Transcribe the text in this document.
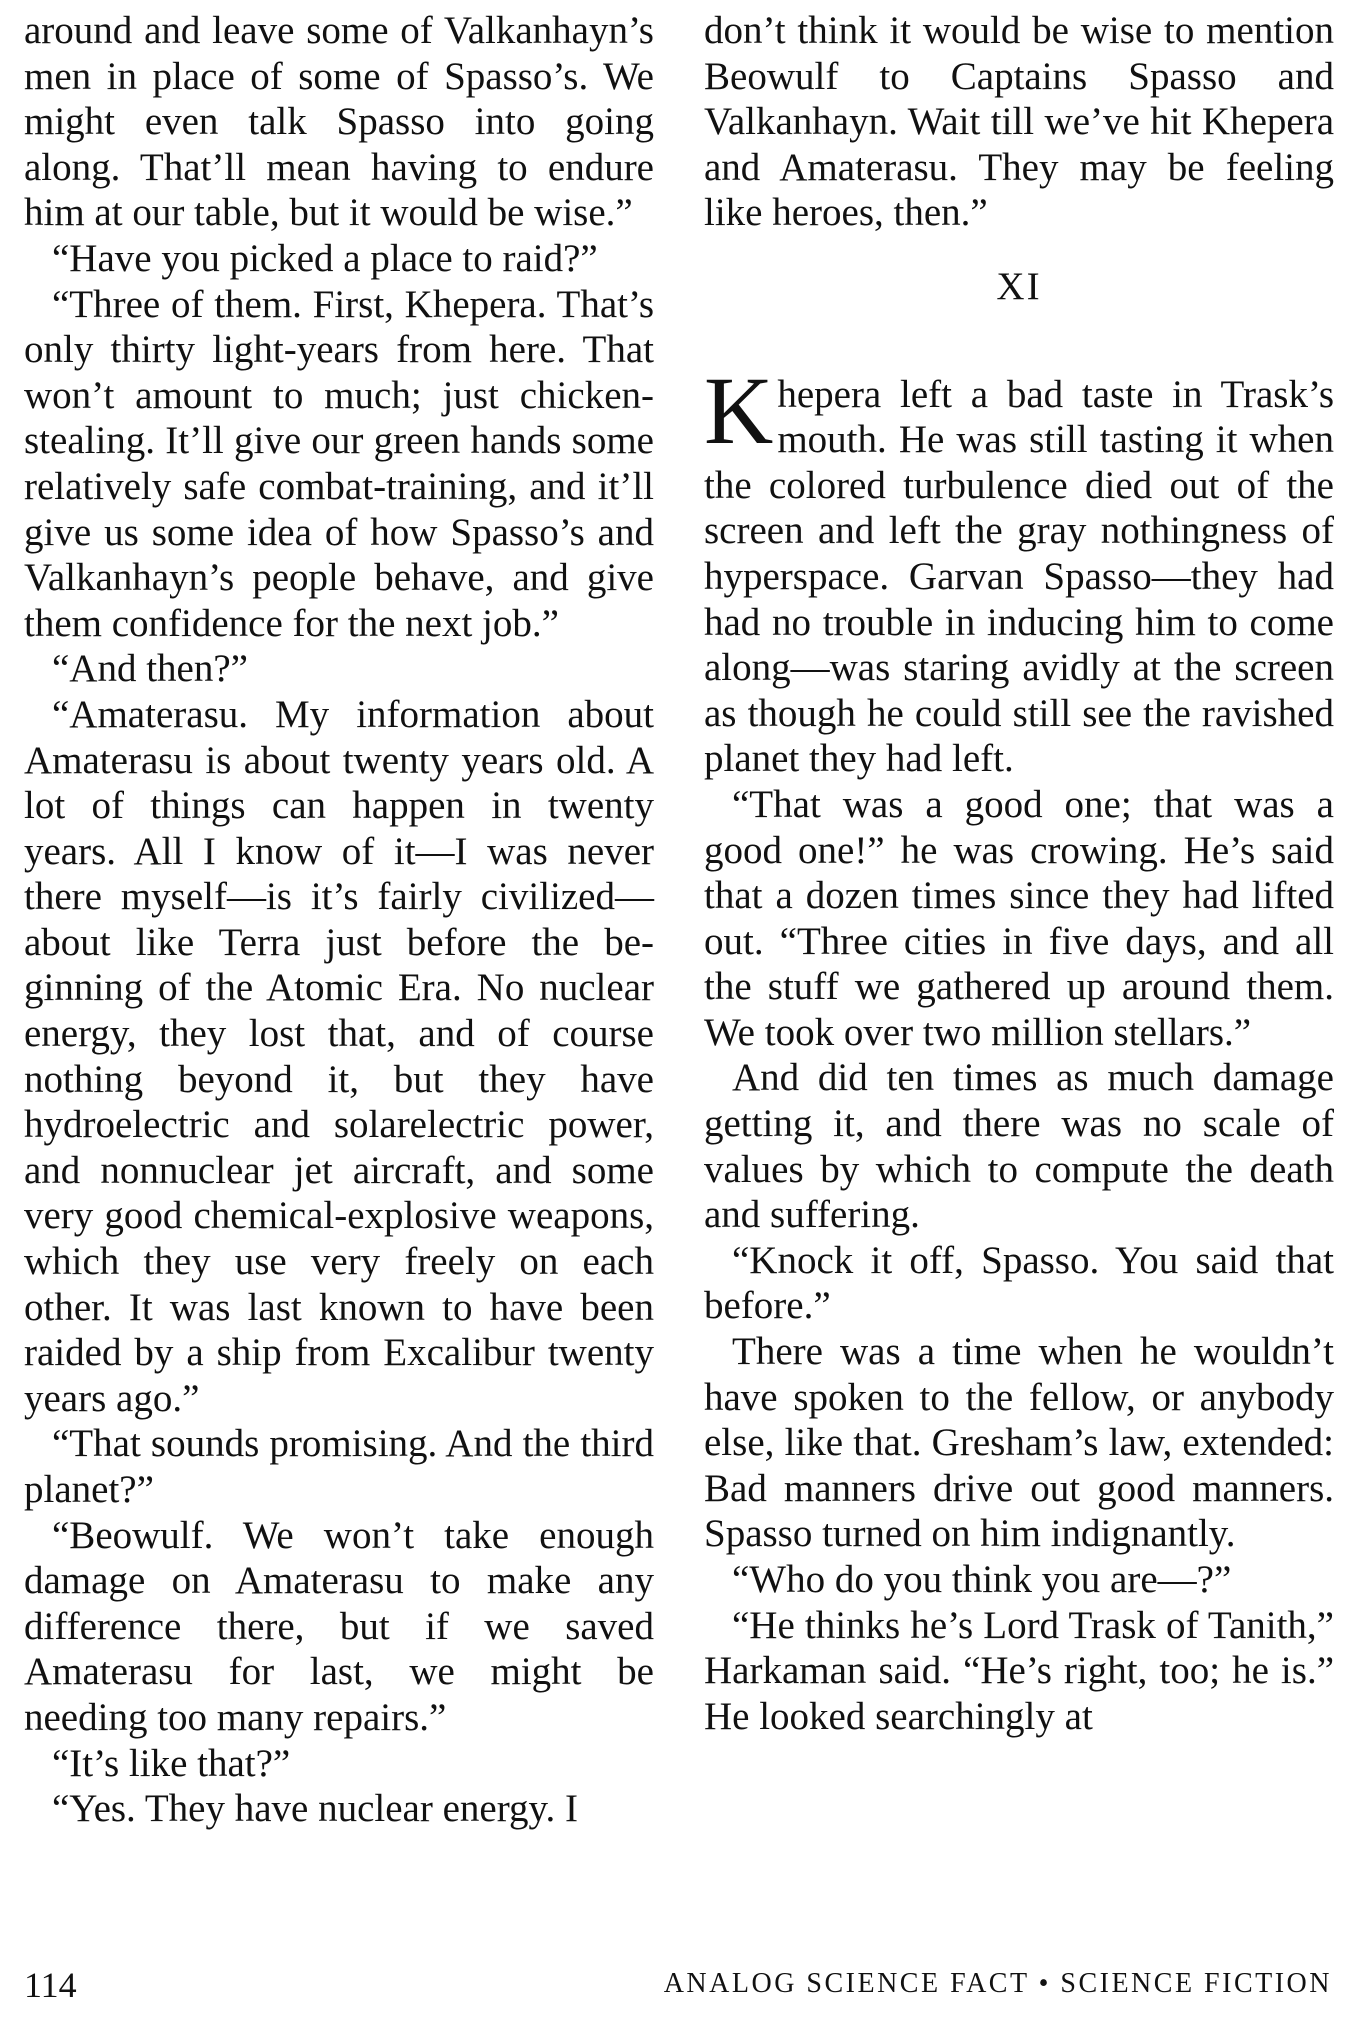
around and leave some of Valkanhayn’s men in place of some of Spasso’s. We might even talk Spasso into going along. That’ll mean having to endure him at our table, but it would be wise.”

“Have you picked a place to raid?”

“Three of them. First, Khepera. That’s only thirty light-years from here. That won’t amount to much; just chicken-stealing. It’ll give our green hands some relatively safe combat-training, and it’ll give us some idea of how Spasso’s and Valkanhayn’s people behave, and give them confidence for the next job.”

“And then?”

“Amaterasu. My information about Amaterasu is about twenty years old. A lot of things can happen in twenty years. All I know of it—I was never there myself—is it’s fairly civilized—about like Terra just before the beginning of the Atomic Era. No nuclear energy, they lost that, and of course nothing beyond it, but they have hydroelectric and solarelectric power, and nonnuclear jet aircraft, and some very good chemical-explosive weapons, which they use very freely on each other. It was last known to have been raided by a ship from Excalibur twenty years ago.”

“That sounds promising. And the third planet?”

“Beowulf. We won’t take enough damage on Amaterasu to make any difference there, but if we saved Amaterasu for last, we might be needing too many repairs.”

“It’s like that?”

“Yes. They have nuclear energy. I

don’t think it would be wise to mention Beowulf to Captains Spasso and Valkanhayn. Wait till we’ve hit Khepera and Amaterasu. They may be feeling like heroes, then.”

XI

Khepera left a bad taste in Trask’s mouth. He was still tasting it when the colored turbulence died out of the screen and left the gray nothingness of hyperspace. Garvan Spasso—they had had no trouble in inducing him to come along—was staring avidly at the screen as though he could still see the ravished planet they had left.

“That was a good one; that was a good one!” he was crowing. He’s said that a dozen times since they had lifted out. “Three cities in five days, and all the stuff we gathered up around them. We took over two million stellars.”

And did ten times as much damage getting it, and there was no scale of values by which to compute the death and suffering.

“Knock it off, Spasso. You said that before.”

There was a time when he wouldn’t have spoken to the fellow, or anybody else, like that. Gresham’s law, extended: Bad manners drive out good manners. Spasso turned on him indignantly.

“Who do you think you are—?”

“He thinks he’s Lord Trask of Tanith,” Harkaman said. “He’s right, too; he is.” He looked searchingly at

114	ANALOG SCIENCE FACT • SCIENCE FICTION
